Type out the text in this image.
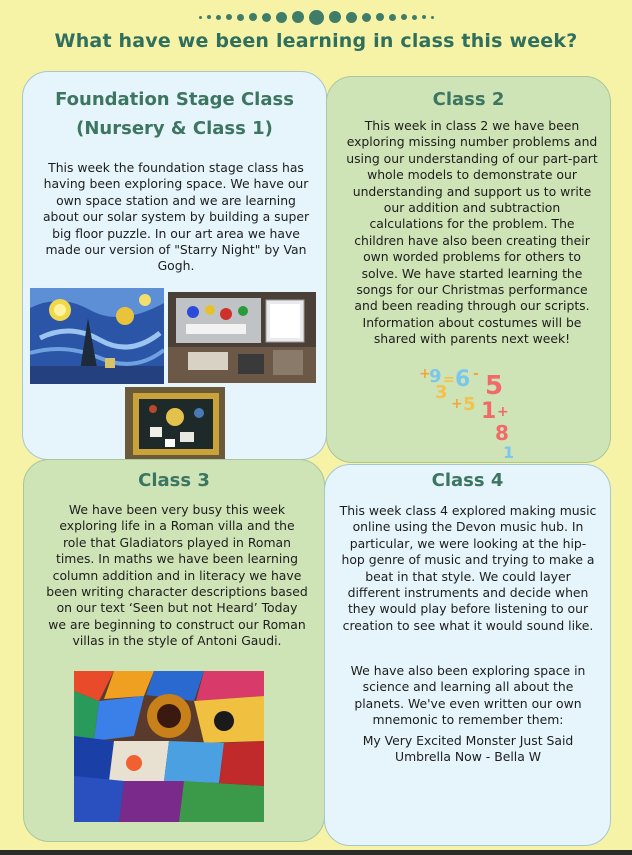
What have we been learning in class this week?
Foundation Stage Class
(Nursery & Class 1)
This week the foundation stage class has having been exploring space. We have our own space station and we are learning about our solar system by building a super big floor puzzle. In our art area we have made our version of "Starry Night" by Van Gogh.
Class 2
This week in class 2 we have been exploring missing number problems and using our understanding of our part-part whole models to demonstrate our understanding and support us to write our addition and subtraction calculations for the problem. The children have also been creating their own worded problems for others to solve. We have started learning the songs for our Christmas performance and been reading through our scripts. Information about costumes will be shared with parents next week!
+
9 = 6 - 5
3
+ 5 1 +
8
1
Class 3
We have been very busy this week exploring life in a Roman villa and the role that Gladiators played in Roman times. In maths we have been learning column addition and in literacy we have been writing character descriptions based on our text ‘Seen but not Heard’ Today we are beginning to construct our Roman villas in the style of Antoni Gaudi.
Class 4
This week class 4 explored making music online using the Devon music hub. In particular, we were looking at the hip-hop genre of music and trying to make a beat in that style. We could layer different instruments and decide when they would play before listening to our creation to see what it would sound like.
We have also been exploring space in science and learning all about the planets. We've even written our own mnemonic to remember them:
My Very Excited Monster Just Said
Umbrella Now - Bella W
